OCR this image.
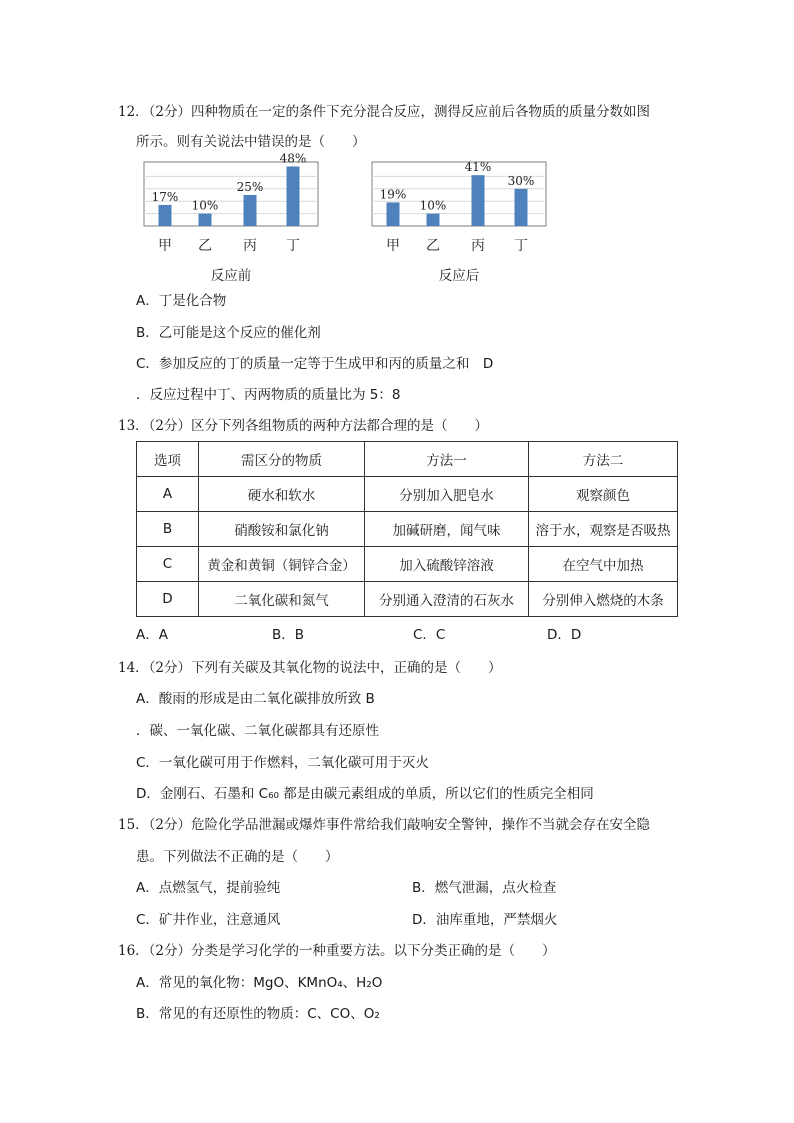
12．（2分）四种物质在一定的条件下充分混合反应，测得反应前后各物质的质量分数如图
所示。则有关说法中错误的是（　　）
17%
甲
10%
乙
25%
丙
48%
丁
反应前
19%
甲
10%
乙
41%
丙
30%
丁
反应后
A．丁是化合物
B．乙可能是这个反应的催化剂
C．参加反应的丁的质量一定等于生成甲和丙的质量之和　D
．反应过程中丁、丙两物质的质量比为 5：8
13．（2分）区分下列各组物质的两种方法都合理的是（　　）
选项	需区分的物质	方法一	方法二
A	硬水和软水	分别加入肥皂水	观察颜色
B	硝酸铵和氯化钠	加碱研磨，闻气味	溶于水，观察是否吸热
C	黄金和黄铜（铜锌合金）	加入硫酸锌溶液	在空气中加热
D	二氧化碳和氮气	分别通入澄清的石灰水	分别伸入燃烧的木条
A．A	B．B	C．C	D．D
14．（2分）下列有关碳及其氧化物的说法中，正确的是（　　）
A．酸雨的形成是由二氧化碳排放所致 B
．碳、一氧化碳、二氧化碳都具有还原性
C．一氧化碳可用于作燃料，二氧化碳可用于灭火
D．金刚石、石墨和 C₆₀ 都是由碳元素组成的单质，所以它们的性质完全相同
15．（2分）危险化学品泄漏或爆炸事件常给我们敲响安全警钟，操作不当就会存在安全隐
患。下列做法不正确的是（　　）
A．点燃氢气，提前验纯	B．燃气泄漏，点火检查
C．矿井作业，注意通风	D．油库重地，严禁烟火
16．（2分）分类是学习化学的一种重要方法。以下分类正确的是（　　）
A．常见的氧化物：MgO、KMnO₄、H₂O
B．常见的有还原性的物质：C、CO、O₂
